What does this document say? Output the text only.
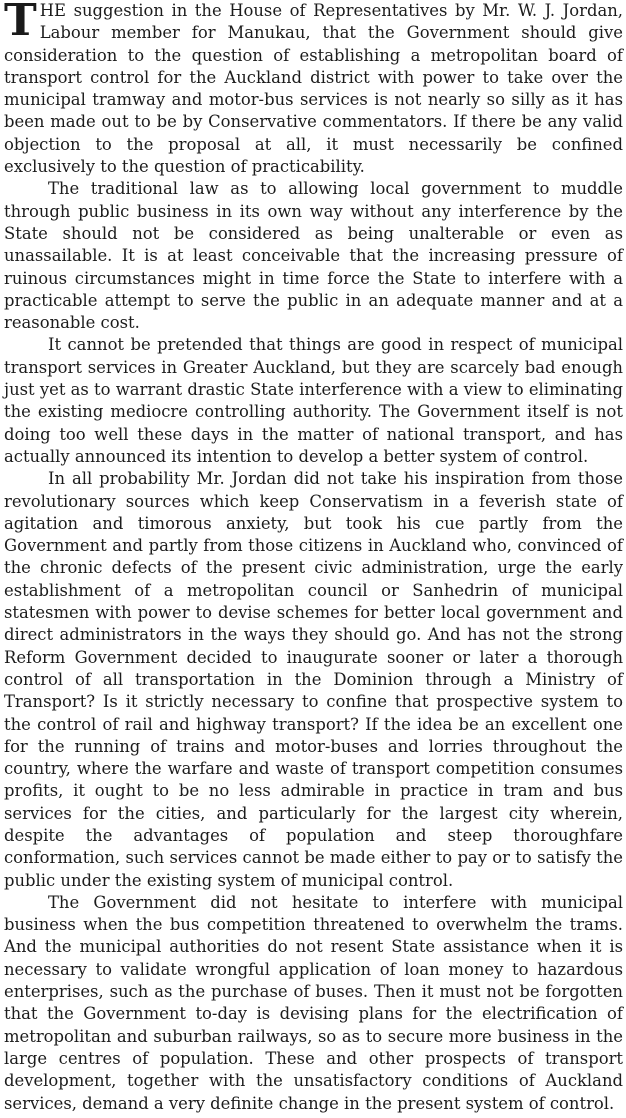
THE suggestion in the House of Representatives by Mr. W. J. Jordan, Labour member for Manukau, that the Government should give consideration to the question of establishing a metropolitan board of transport control for the Auckland district with power to take over the municipal tramway and motor-bus services is not nearly so silly as it has been made out to be by Conservative commentators. If there be any valid objection to the proposal at all, it must necessarily be confined exclusively to the question of practicability.

The traditional law as to allowing local government to muddle through public business in its own way without any interference by the State should not be considered as being unalterable or even as unassailable. It is at least conceivable that the increasing pressure of ruinous circumstances might in time force the State to interfere with a practicable attempt to serve the public in an adequate manner and at a reasonable cost.

It cannot be pretended that things are good in respect of municipal transport services in Greater Auckland, but they are scarcely bad enough just yet as to warrant drastic State interference with a view to eliminating the existing mediocre controlling authority. The Government itself is not doing too well these days in the matter of national transport, and has actually announced its intention to develop a better system of control.

In all probability Mr. Jordan did not take his inspiration from those revolutionary sources which keep Conservatism in a feverish state of agitation and timorous anxiety, but took his cue partly from the Government and partly from those citizens in Auckland who, convinced of the chronic defects of the present civic administration, urge the early establishment of a metropolitan council or Sanhedrin of municipal statesmen with power to devise schemes for better local government and direct administrators in the ways they should go. And has not the strong Reform Government decided to inaugurate sooner or later a thorough control of all transportation in the Dominion through a Ministry of Transport? Is it strictly necessary to confine that prospective system to the control of rail and highway transport? If the idea be an excellent one for the running of trains and motor-buses and lorries throughout the country, where the warfare and waste of transport competition consumes profits, it ought to be no less admirable in practice in tram and bus services for the cities, and particularly for the largest city wherein, despite the advantages of population and steep thoroughfare conformation, such services cannot be made either to pay or to satisfy the public under the existing system of municipal control.

The Government did not hesitate to interfere with municipal business when the bus competition threatened to overwhelm the trams. And the municipal authorities do not resent State assistance when it is necessary to validate wrongful application of loan money to hazardous enterprises, such as the purchase of buses. Then it must not be forgotten that the Government to-day is devising plans for the electrification of metropolitan and suburban railways, so as to secure more business in the large centres of population. These and other prospects of transport development, together with the unsatisfactory conditions of Auckland services, demand a very definite change in the present system of control.
